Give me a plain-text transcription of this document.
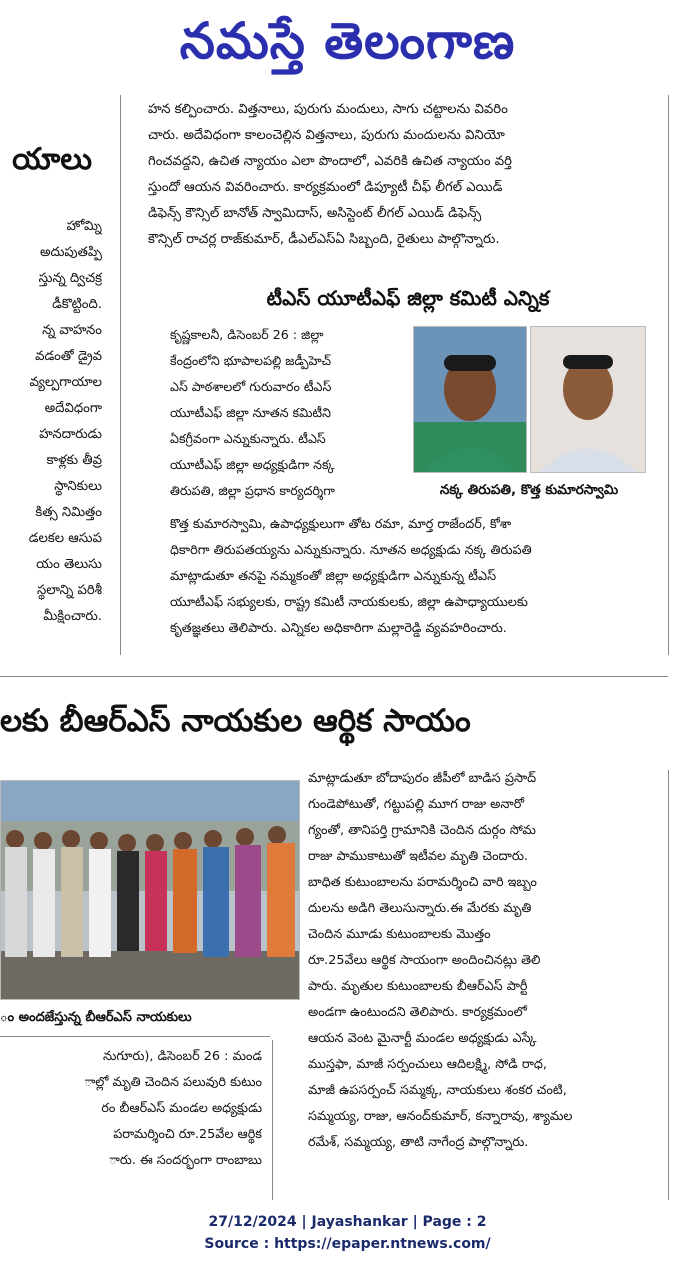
నమస్తే తెలంగాణ
యాలు
హోమ్ని
అదుపుతప్పి
స్తున్న ద్విచక్ర
డీకొట్టింది.
న్న వాహనం
వడంతో డ్రైవ
వ్యల్పగాయాల
అదేవిధంగా
హనదారుడు
కాళ్లకు తీవ్ర
స్థానికులు
కిత్స నిమిత్తం
డలకల ఆసుప
యం తెలుసు
స్థలాన్ని పరిశీ
మీక్షించారు.
హన కల్పించారు. విత్తనాలు, పురుగు మందులు, సాగు చట్టాలను వివరిం
చారు. అదేవిధంగా కాలంచెల్లిన విత్తనాలు, పురుగు మందులను వినియో
గించవద్దని, ఉచిత న్యాయం ఎలా పొందాలో, ఎవరికి ఉచిత న్యాయం వర్తి
స్తుందో ఆయన వివరించారు. కార్యక్రమంలో డిప్యూటీ చీఫ్ లీగల్ ఎయిడ్
డిఫెన్స్ కౌన్సిల్ బానోత్ స్వామిదాస్, అసిస్టెంట్ లీగల్ ఎయిడ్ డిఫెన్స్
కౌన్సిల్ రాచర్ల రాజ్‌కుమార్, డీఎల్ఎస్ఏ సిబ్బంది, రైతులు పాల్గొన్నారు.
టీఎస్ యూటీఎఫ్ జిల్లా కమిటీ ఎన్నిక
కృష్ణకాలనీ, డిసెంబర్ 26 : జిల్లా
కేంద్రంలోని భూపాలపల్లి జడ్పీహెచ్
ఎస్ పాఠశాలలో గురువారం టీఎస్
యూటీఎఫ్ జిల్లా నూతన కమిటీని
ఏకగ్రీవంగా ఎన్నుకున్నారు. టీఎస్
యూటీఎఫ్ జిల్లా అధ్యక్షుడిగా నక్క
తిరుపతి, జిల్లా ప్రధాన కార్యదర్శిగా	నక్క తిరుపతి, కొత్త కుమారస్వామి
కొత్త కుమారస్వామి, ఉపాధ్యక్షులుగా తోట రమా, మార్త రాజేందర్, కోశా
ధికారిగా తిరుపతయ్యను ఎన్నుకున్నారు. నూతన అధ్యక్షుడు నక్క తిరుపతి
మాట్లాడుతూ తనపై నమ్మకంతో జిల్లా అధ్యక్షుడిగా ఎన్నుకున్న టీఎస్
యూటీఎఫ్ సభ్యులకు, రాష్ట్ర కమిటీ నాయకులకు, జిల్లా ఉపాధ్యాయులకు
కృతజ్ఞతలు తెలిపారు. ఎన్నికల అధికారిగా మల్లారెడ్డి వ్యవహరించారు.
లకు బీఆర్ఎస్ నాయకుల ఆర్థిక సాయం
ం అందజేస్తున్న బీఆర్ఎస్ నాయకులు
నుగూరు), డిసెంబర్ 26 : మండ
ాల్లో మృతి చెందిన పలువురి కుటుం
రం బీఆర్ఎస్ మండల అధ్యక్షుడు
పరామర్శించి రూ.25వేల ఆర్థిక
ారు. ఈ సందర్భంగా రాంబాబు
మాట్లాడుతూ బోదాపురం జీపీలో బాడిస ప్రసాద్
గుండెపోటుతో, గట్టుపల్లి మూగ రాజు అనారో
గ్యంతో, తానిపర్తి గ్రామానికి చెందిన దుర్గం సోమ
రాజు పాముకాటుతో ఇటీవల మృతి చెందారు.
బాధిత కుటుంబాలను పరామర్శించి వారి ఇబ్బం
దులను అడిగి తెలుసున్నారు.ఈ మేరకు మృతి
చెందిన మూడు కుటుంబాలకు మొత్తం
రూ.25వేలు ఆర్థిక సాయంగా అందించినట్లు తెలి
పారు. మృతుల కుటుంబాలకు బీఆర్ఎస్ పార్టీ
అండగా ఉంటుందని తెలిపారు. కార్యక్రమంలో
ఆయన వెంట మైనార్టీ మండల అధ్యక్షుడు ఎస్కే
ముస్తఫా, మాజీ సర్పంచులు ఆదిలక్ష్మి, సోడి రాధ,
మాజీ ఉపసర్పంచ్ సమ్మక్క, నాయకులు శంకర చంటి,
సమ్మయ్య, రాజు, ఆనంద్‌కుమార్, కన్నారావు, శ్యామల
రమేశ్, సమ్మయ్య, తాటి నాగేంద్ర పాల్గొన్నారు.
27/12/2024 | Jayashankar | Page : 2
Source : https://epaper.ntnews.com/
